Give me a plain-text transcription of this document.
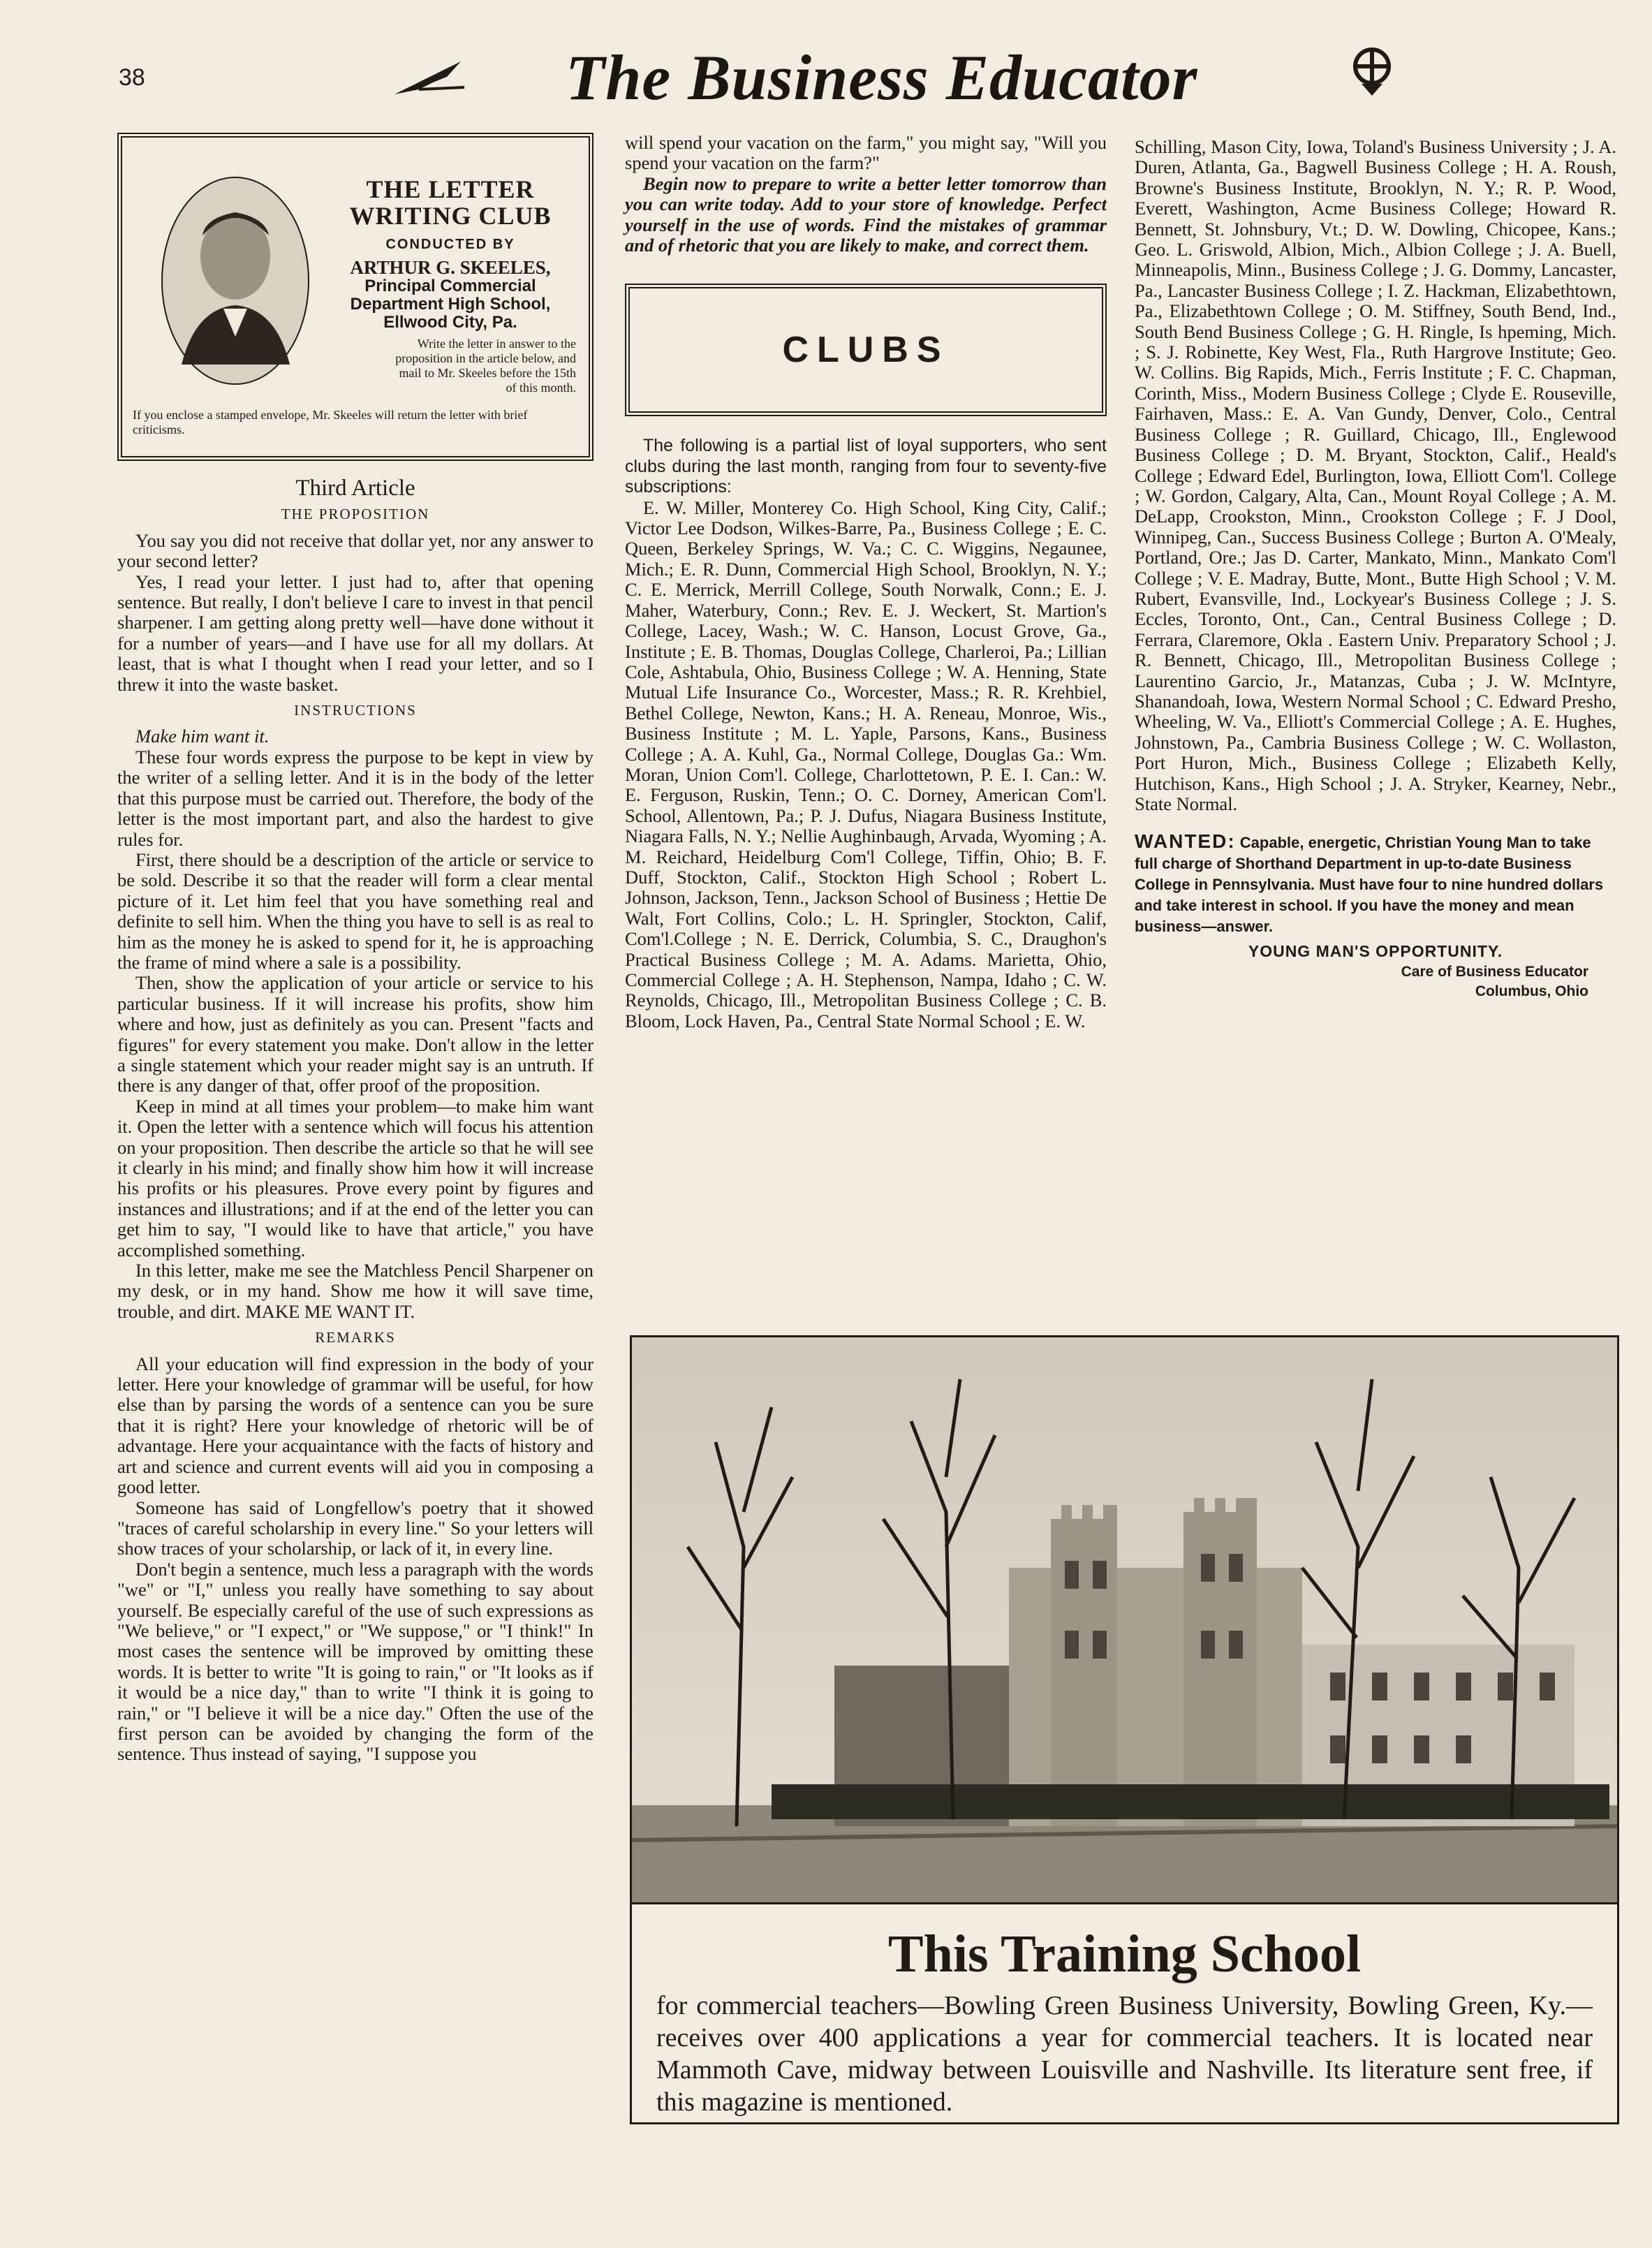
38	The Business Educator
THE LETTER WRITING CLUB
CONDUCTED BY
ARTHUR G. SKEELES,
Principal Commercial Department High School, Ellwood City, Pa.
Write the letter in answer to the proposition in the article below, and mail to Mr. Skeeles before the 15th of this month.
If you enclose a stamped envelope, Mr. Skeeles will return the letter with brief criticisms.
Third Article
THE PROPOSITION

You say you did not receive that dollar yet, nor any answer to your second letter?

Yes, I read your letter. I just had to, after that opening sentence. But really, I don't believe I care to invest in that pencil sharpener. I am getting along pretty well—have done without it for a number of years—and I have use for all my dollars. At least, that is what I thought when I read your letter, and so I threw it into the waste basket.

INSTRUCTIONS

Make him want it.

These four words express the purpose to be kept in view by the writer of a selling letter. And it is in the body of the letter that this purpose must be carried out. Therefore, the body of the letter is the most important part, and also the hardest to give rules for.

First, there should be a description of the article or service to be sold. Describe it so that the reader will form a clear mental picture of it. Let him feel that you have something real and definite to sell him. When the thing you have to sell is as real to him as the money he is asked to spend for it, he is approaching the frame of mind where a sale is a possibility.

Then, show the application of your article or service to his particular business. If it will increase his profits, show him where and how, just as definitely as you can. Present "facts and figures" for every statement you make. Don't allow in the letter a single statement which your reader might say is an untruth. If there is any danger of that, offer proof of the proposition.

Keep in mind at all times your problem—to make him want it. Open the letter with a sentence which will focus his attention on your proposition. Then describe the article so that he will see it clearly in his mind; and finally show him how it will increase his profits or his pleasures. Prove every point by figures and instances and illustrations; and if at the end of the letter you can get him to say, "I would like to have that article," you have accomplished something.

In this letter, make me see the Matchless Pencil Sharpener on my desk, or in my hand. Show me how it will save time, trouble, and dirt. MAKE ME WANT IT.

REMARKS

All your education will find expression in the body of your letter. Here your knowledge of grammar will be useful, for how else than by parsing the words of a sentence can you be sure that it is right? Here your knowledge of rhetoric will be of advantage. Here your acquaintance with the facts of history and art and science and current events will aid you in composing a good letter.

Someone has said of Longfellow's poetry that it showed "traces of careful scholarship in every line." So your letters will show traces of your scholarship, or lack of it, in every line.

Don't begin a sentence, much less a paragraph with the words "we" or "I," unless you really have something to say about yourself. Be especially careful of the use of such expressions as "We believe," or "I expect," or "We suppose," or "I think!" In most cases the sentence will be improved by omitting these words. It is better to write "It is going to rain," or "It looks as if it would be a nice day," than to write "I think it is going to rain," or "I believe it will be a nice day." Often the use of the first person can be avoided by changing the form of the sentence. Thus instead of saying, "I suppose you

will spend your vacation on the farm," you might say, "Will you spend your vacation on the farm?"

Begin now to prepare to write a better letter tomorrow than you can write today. Add to your store of knowledge. Perfect yourself in the use of words. Find the mistakes of grammar and of rhetoric that you are likely to make, and correct them.

CLUBS

The following is a partial list of loyal supporters, who sent clubs during the last month, ranging from four to seventy-five subscriptions:

E. W. Miller, Monterey Co. High School, King City, Calif.; Victor Lee Dodson, Wilkes-Barre, Pa., Business College ; E. C. Queen, Berkeley Springs, W. Va.; C. C. Wiggins, Negaunee, Mich.; E. R. Dunn, Commercial High School, Brooklyn, N. Y.; C. E. Merrick, Merrill College, South Norwalk, Conn.; E. J. Maher, Waterbury, Conn.; Rev. E. J. Weckert, St. Martion's College, Lacey, Wash.; W. C. Hanson, Locust Grove, Ga., Institute ; E. B. Thomas, Douglas College, Charleroi, Pa.; Lillian Cole, Ashtabula, Ohio, Business College ; W. A. Henning, State Mutual Life Insurance Co., Worcester, Mass.; R. R. Krehbiel, Bethel College, Newton, Kans.; H. A. Reneau, Monroe, Wis., Business Institute ; M. L. Yaple, Parsons, Kans., Business College ; A. A. Kuhl, Ga., Normal College, Douglas Ga.: Wm. Moran, Union Com'l. College, Charlottetown, P. E. I. Can.: W. E. Ferguson, Ruskin, Tenn.; O. C. Dorney, American Com'l. School, Allentown, Pa.; P. J. Dufus, Niagara Business Institute, Niagara Falls, N. Y.; Nellie Aughinbaugh, Arvada, Wyoming ; A. M. Reichard, Heidelburg Com'l College, Tiffin, Ohio; B. F. Duff, Stockton, Calif., Stockton High School ; Robert L. Johnson, Jackson, Tenn., Jackson School of Business ; Hettie De Walt, Fort Collins, Colo.; L. H. Springler, Stockton, Calif, Com'l.College ; N. E. Derrick, Columbia, S. C., Draughon's Practical Business College ; M. A. Adams. Marietta, Ohio, Commercial College ; A. H. Stephenson, Nampa, Idaho ; C. W. Reynolds, Chicago, Ill., Metropolitan Business College ; C. B. Bloom, Lock Haven, Pa., Central State Normal School ; E. W.

Schilling, Mason City, Iowa, Toland's Business University ; J. A. Duren, Atlanta, Ga., Bagwell Business College ; H. A. Roush, Browne's Business Institute, Brooklyn, N. Y.; R. P. Wood, Everett, Washington, Acme Business College; Howard R. Bennett, St. Johnsbury, Vt.; D. W. Dowling, Chicopee, Kans.; Geo. L. Griswold, Albion, Mich., Albion College ; J. A. Buell, Minneapolis, Minn., Business College ; J. G. Dommy, Lancaster, Pa., Lancaster Business College ; I. Z. Hackman, Elizabethtown, Pa., Elizabethtown College ; O. M. Stiffney, South Bend, Ind., South Bend Business College ; G. H. Ringle, Is hpeming, Mich. ; S. J. Robinette, Key West, Fla., Ruth Hargrove Institute; Geo. W. Collins. Big Rapids, Mich., Ferris Institute ; F. C. Chapman, Corinth, Miss., Modern Business College ; Clyde E. Rouseville, Fairhaven, Mass.: E. A. Van Gundy, Denver, Colo., Central Business College ; R. Guillard, Chicago, Ill., Englewood Business College ; D. M. Bryant, Stockton, Calif., Heald's College ; Edward Edel, Burlington, Iowa, Elliott Com'l. College ; W. Gordon, Calgary, Alta, Can., Mount Royal College ; A. M. DeLapp, Crookston, Minn., Crookston College ; F. J Dool, Winnipeg, Can., Success Business College ; Burton A. O'Mealy, Portland, Ore.; Jas D. Carter, Mankato, Minn., Mankato Com'l College ; V. E. Madray, Butte, Mont., Butte High School ; V. M. Rubert, Evansville, Ind., Lockyear's Business College ; J. S. Eccles, Toronto, Ont., Can., Central Business College ; D. Ferrara, Claremore, Okla . Eastern Univ. Preparatory School ; J. R. Bennett, Chicago, Ill., Metropolitan Business College ; Laurentino Garcio, Jr., Matanzas, Cuba ; J. W. McIntyre, Shanandoah, Iowa, Western Normal School ; C. Edward Presho, Wheeling, W. Va., Elliott's Commercial College ; A. E. Hughes, Johnstown, Pa., Cambria Business College ; W. C. Wollaston, Port Huron, Mich., Business College ; Elizabeth Kelly, Hutchison, Kans., High School ; J. A. Stryker, Kearney, Nebr., State Normal.

WANTED: Capable, energetic, Christian Young Man to take full charge of Shorthand Department in up-to-date Business College in Pennsylvania. Must have four to nine hundred dollars and take interest in school. If you have the money and mean business—answer.
YOUNG MAN'S OPPORTUNITY.
Care of Business Educator
Columbus, Ohio
This Training School

for commercial teachers—Bowling Green Business University, Bowling Green, Ky.—receives over 400 applications a year for commercial teachers. It is located near Mammoth Cave, midway between Louisville and Nashville. Its literature sent free, if this magazine is mentioned.
